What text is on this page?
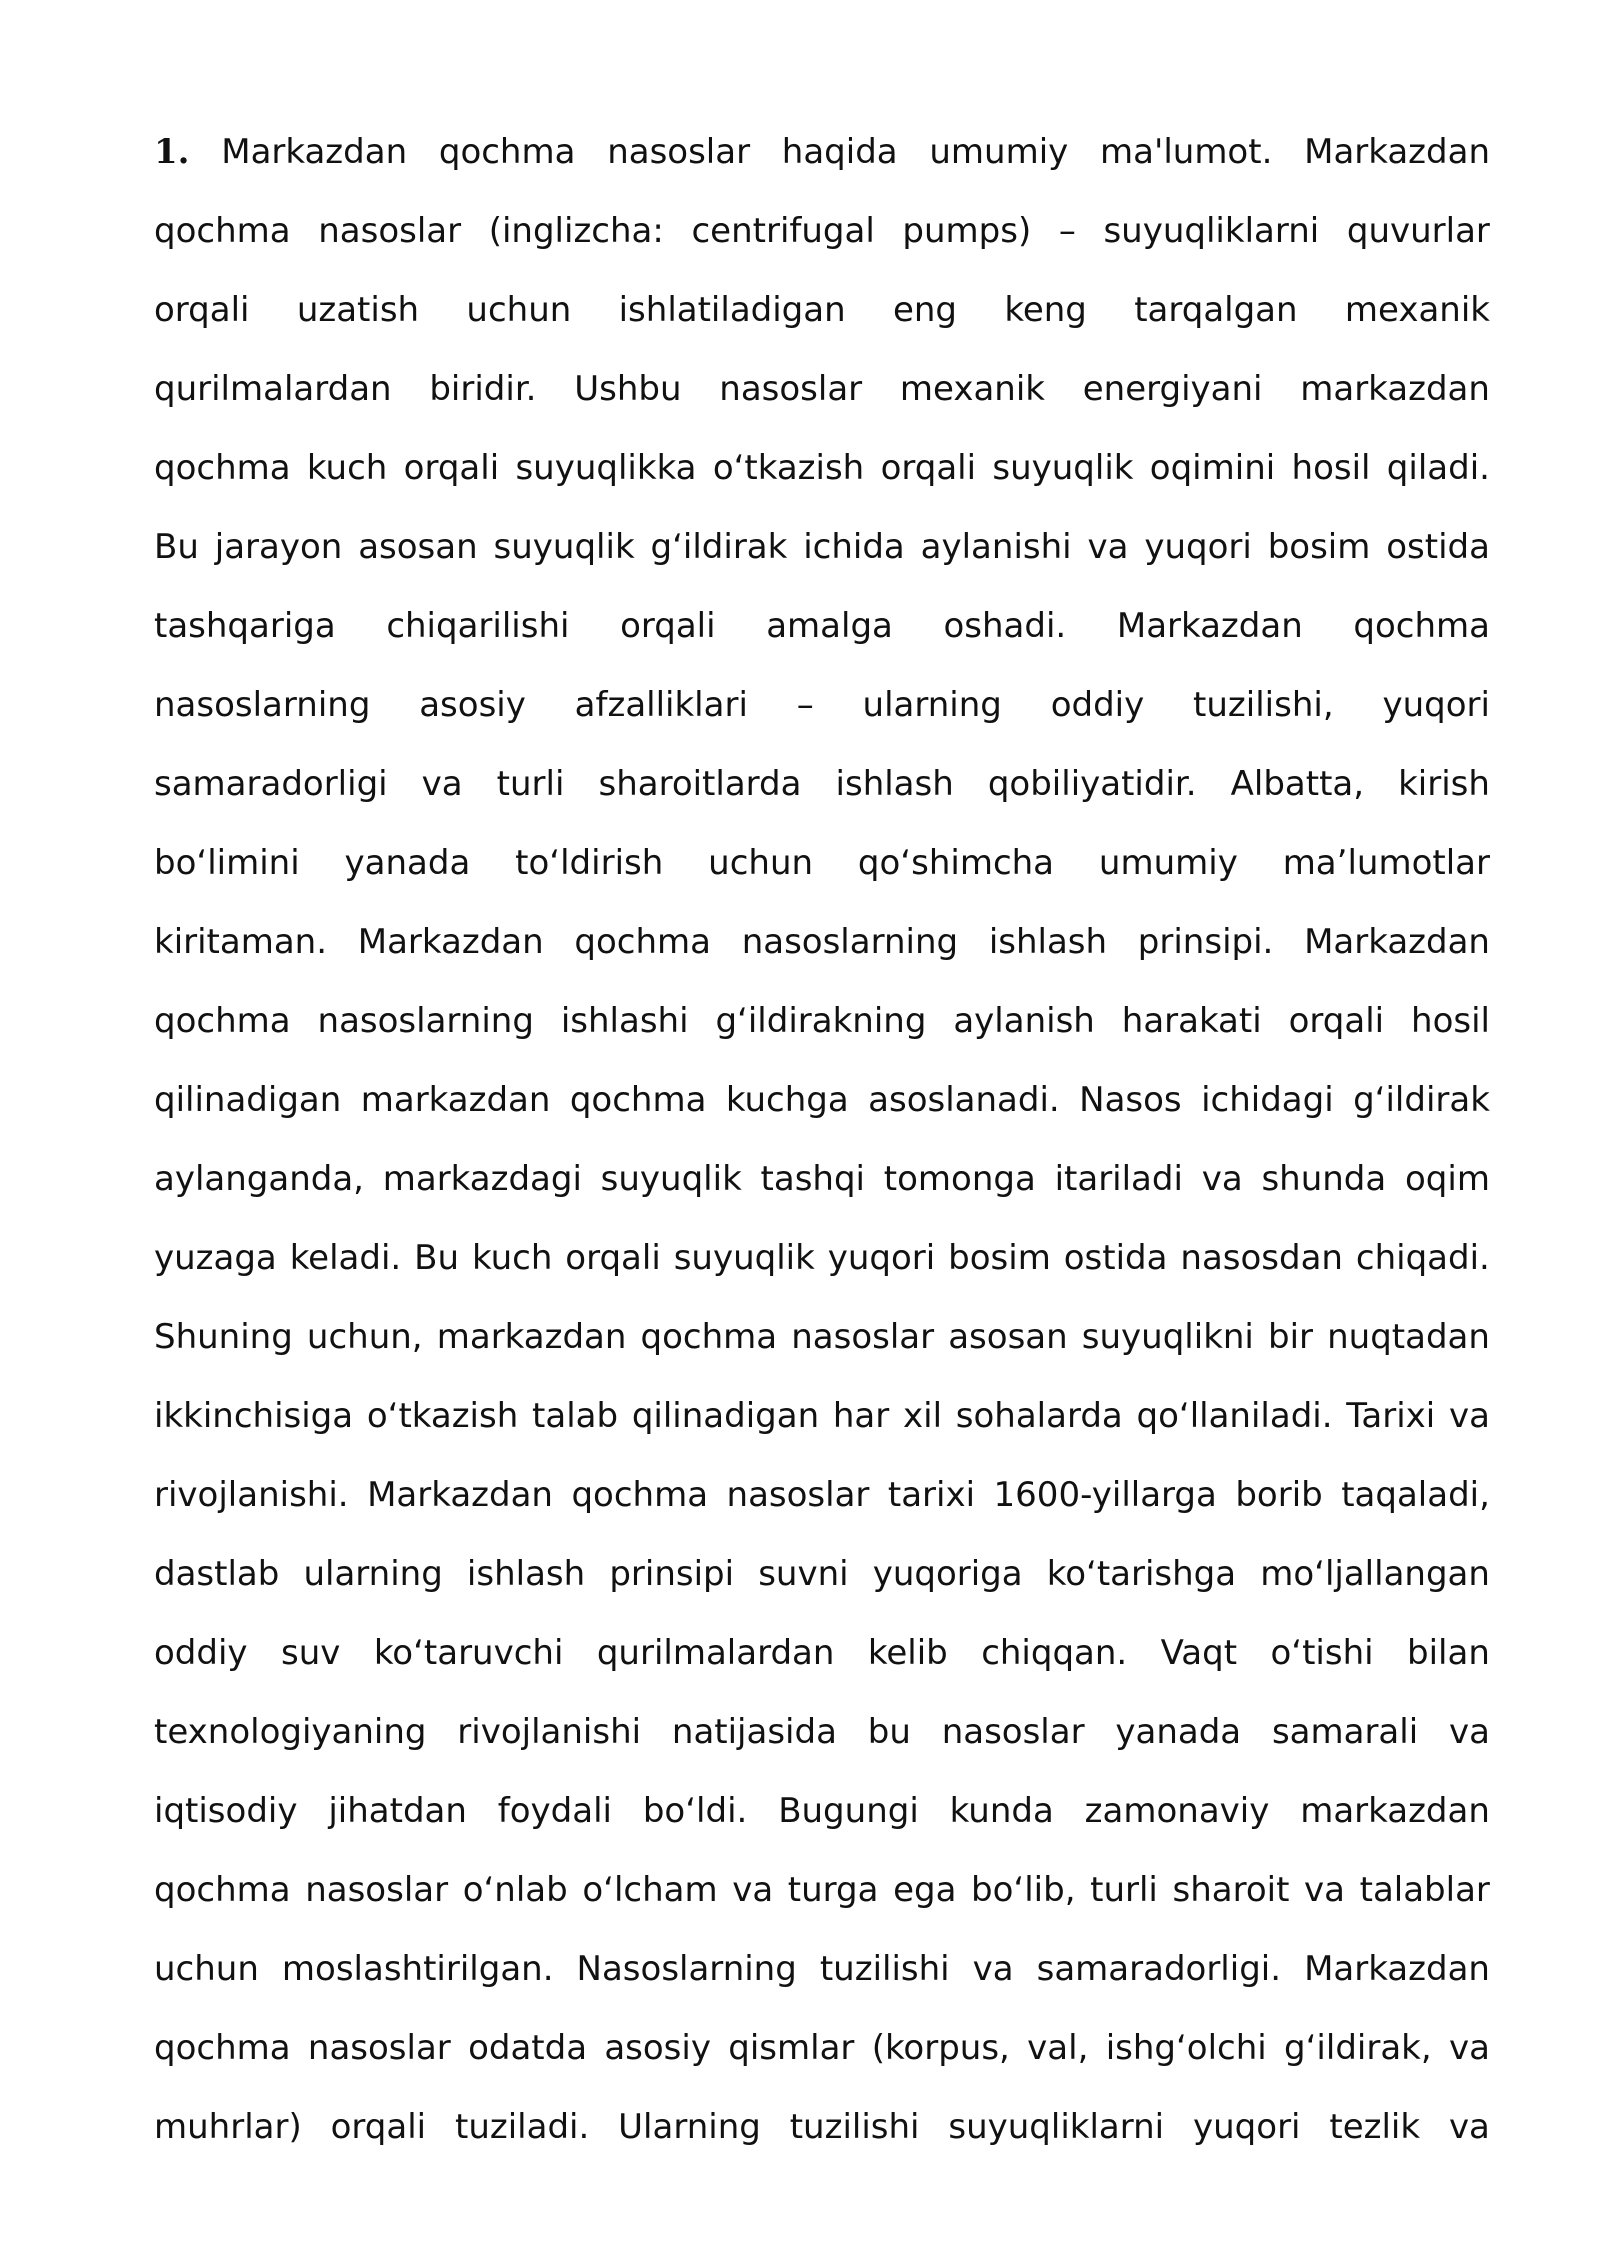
1. Markazdan qochma nasoslar haqida umumiy ma'lumot. Markazdan
qochma nasoslar (inglizcha: centrifugal pumps) – suyuqliklarni quvurlar
orqali uzatish uchun ishlatiladigan eng keng tarqalgan mexanik
qurilmalardan biridir. Ushbu nasoslar mexanik energiyani markazdan
qochma kuch orqali suyuqlikka oʻtkazish orqali suyuqlik oqimini hosil qiladi.
Bu jarayon asosan suyuqlik gʻildirak ichida aylanishi va yuqori bosim ostida
tashqariga chiqarilishi orqali amalga oshadi. Markazdan qochma
nasoslarning asosiy afzalliklari – ularning oddiy tuzilishi, yuqori
samaradorligi va turli sharoitlarda ishlash qobiliyatidir. Albatta, kirish
boʻlimini yanada toʻldirish uchun qoʻshimcha umumiy maʼlumotlar
kiritaman. Markazdan qochma nasoslarning ishlash prinsipi. Markazdan
qochma nasoslarning ishlashi gʻildirakning aylanish harakati orqali hosil
qilinadigan markazdan qochma kuchga asoslanadi. Nasos ichidagi gʻildirak
aylanganda, markazdagi suyuqlik tashqi tomonga itariladi va shunda oqim
yuzaga keladi. Bu kuch orqali suyuqlik yuqori bosim ostida nasosdan chiqadi.
Shuning uchun, markazdan qochma nasoslar asosan suyuqlikni bir nuqtadan
ikkinchisiga oʻtkazish talab qilinadigan har xil sohalarda qoʻllaniladi. Tarixi va
rivojlanishi. Markazdan qochma nasoslar tarixi 1600-yillarga borib taqaladi,
dastlab ularning ishlash prinsipi suvni yuqoriga koʻtarishga moʻljallangan
oddiy suv koʻtaruvchi qurilmalardan kelib chiqqan. Vaqt oʻtishi bilan
texnologiyaning rivojlanishi natijasida bu nasoslar yanada samarali va
iqtisodiy jihatdan foydali boʻldi. Bugungi kunda zamonaviy markazdan
qochma nasoslar oʻnlab oʻlcham va turga ega boʻlib, turli sharoit va talablar
uchun moslashtirilgan. Nasoslarning tuzilishi va samaradorligi. Markazdan
qochma nasoslar odatda asosiy qismlar (korpus, val, ishgʻolchi gʻildirak, va
muhrlar) orqali tuziladi. Ularning tuzilishi suyuqliklarni yuqori tezlik va
